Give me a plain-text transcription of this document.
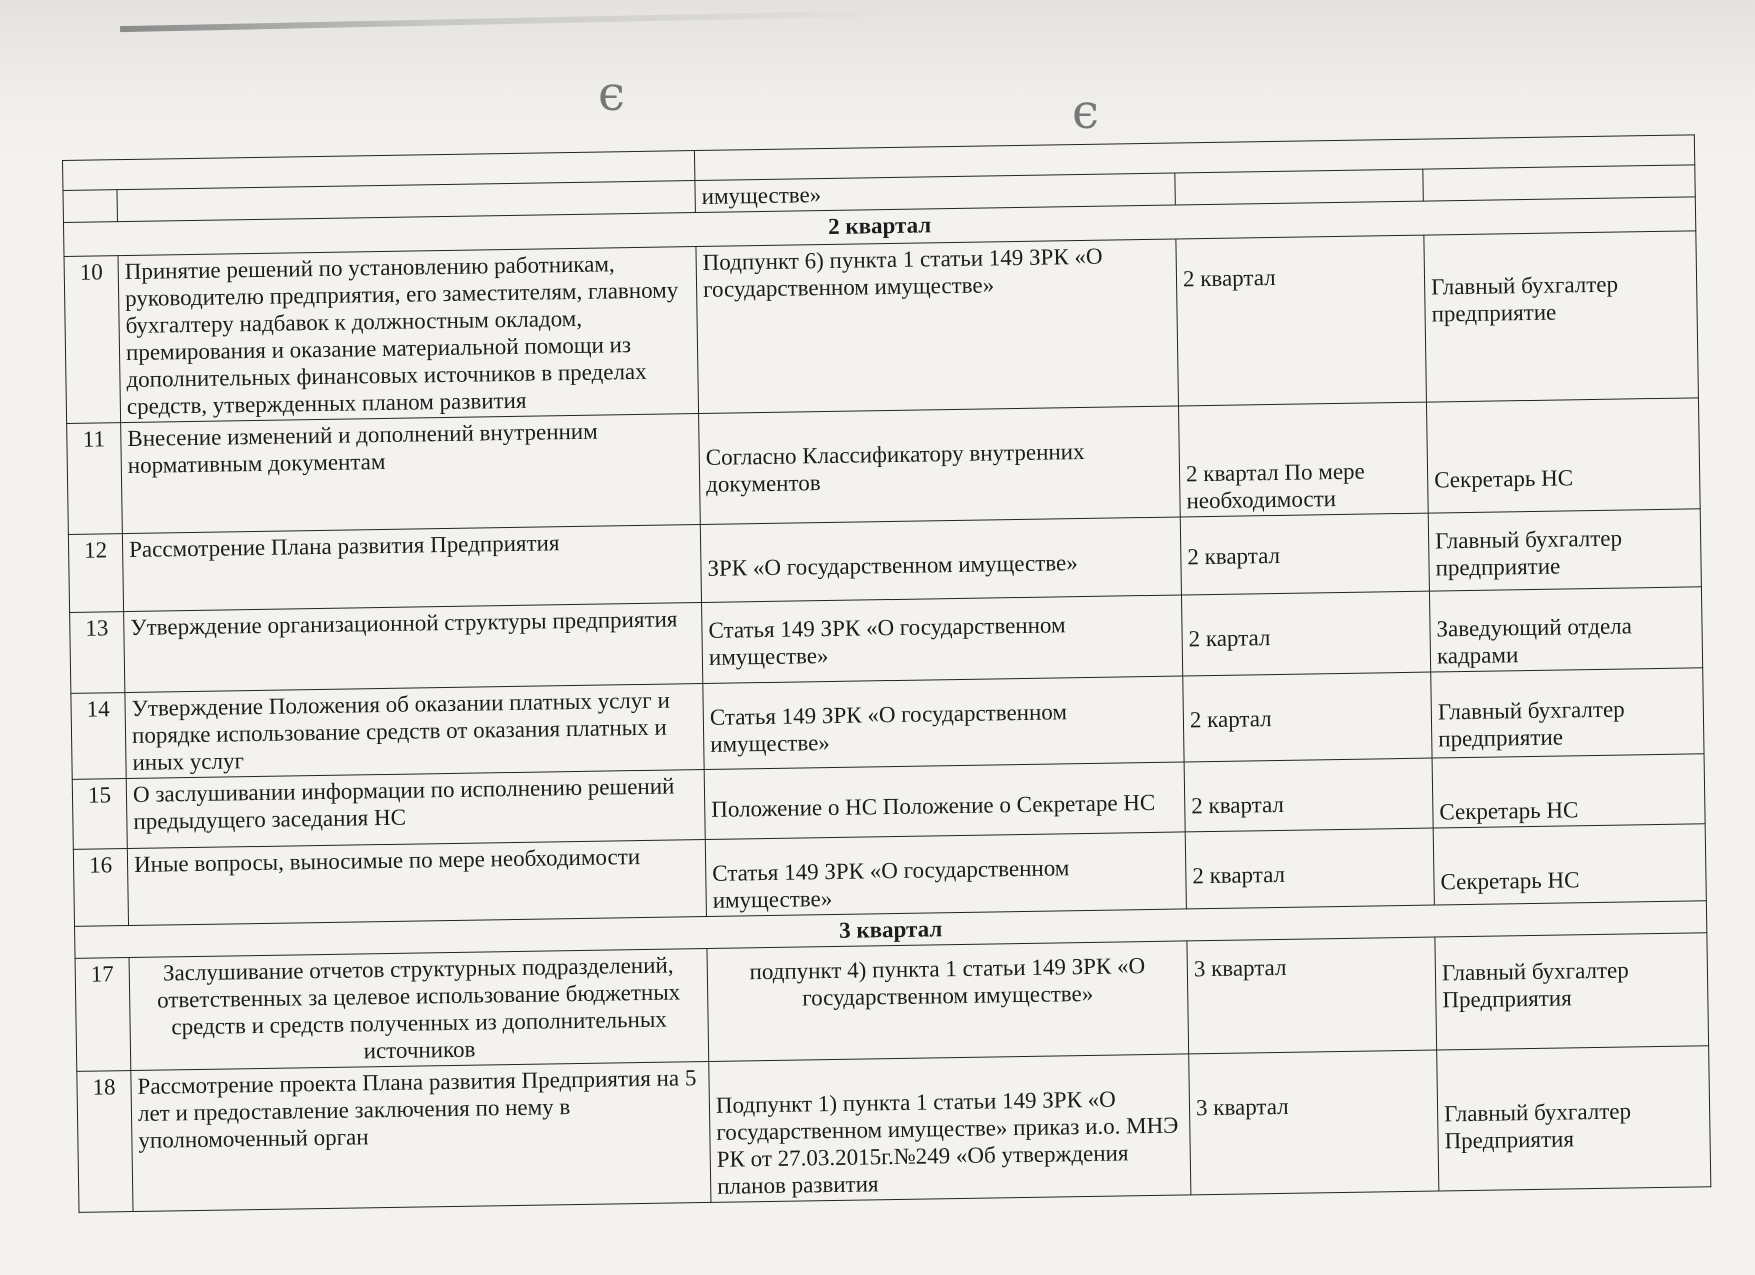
є	є

		имуществе»		
2 квартал				
10	Принятие решений по установлению работникам, руководителю предприятия, его заместителям, главному бухгалтеру надбавок к должностным окладом, премирования и оказание материальной помощи из дополнительных финансовых источников в пределах средств, утвержденных планом развития	Подпункт 6) пункта 1 статьи 149 ЗРК «О государственном имуществе»	2 квартал	Главный бухгалтер предприятие
11	Внесение изменений и дополнений внутренним нормативным документам	Согласно Классификатору внутренних документов	2 квартал По мере необходимости	Секретарь НС
12	Рассмотрение Плана развития Предприятия	ЗРК «О государственном имуществе»	2 квартал	Главный бухгалтер предприятие
13	Утверждение организационной структуры предприятия	Статья 149 ЗРК «О государственном имуществе»	2 картал	Заведующий отдела кадрами
14	Утверждение Положения об оказании платных услуг и порядке использование средств от оказания платных и иных услуг	Статья 149 ЗРК «О государственном имуществе»	2 картал	Главный бухгалтер предприятие
15	О заслушивании информации по исполнению решений предыдущего заседания НС	Положение о НС Положение о Секретаре НС	2 квартал	Секретарь НС
16	Иные вопросы, выносимые по мере необходимости	Статья 149 ЗРК «О государственном имуществе»	2 квартал	Секретарь НС
3 квартал				
17	Заслушивание отчетов структурных подразделений, ответственных за целевое использование бюджетных средств и средств полученных из дополнительных источников	подпункт 4) пункта 1 статьи 149 ЗРК «О государственном имуществе»	3 квартал	Главный бухгалтер Предприятия
18	Рассмотрение проекта Плана развития Предприятия на 5 лет и предоставление заключения по нему в уполномоченный орган	Подпункт 1) пункта 1 статьи 149 ЗРК «О государственном имуществе» приказ и.о. МНЭ РК от 27.03.2015г.№249 «Об утверждения планов развития	3 квартал	Главный бухгалтер Предприятия
